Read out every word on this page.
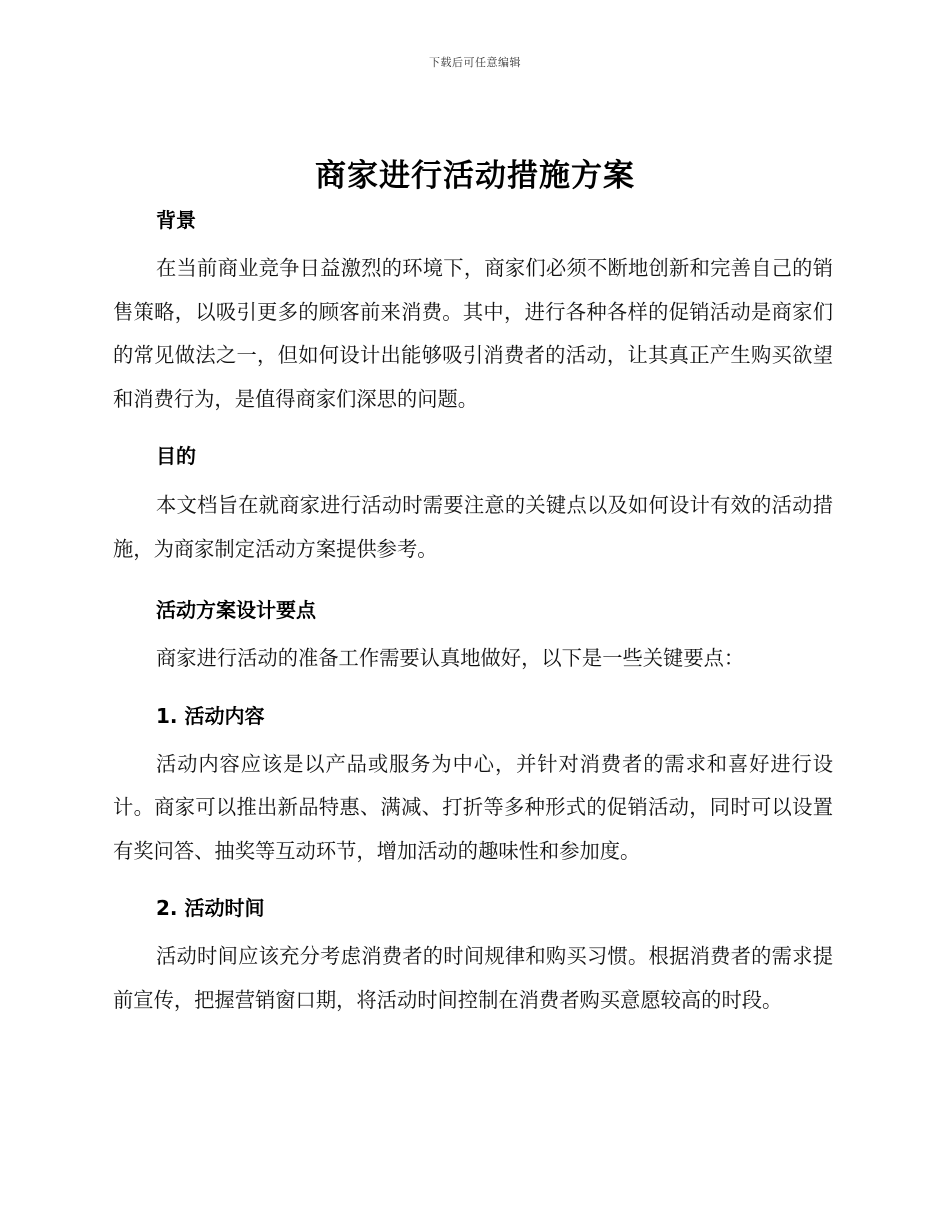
下载后可任意编辑
商家进行活动措施方案
背景

在当前商业竞争日益激烈的环境下，商家们必须不断地创新和完善自己的销售策略，以吸引更多的顾客前来消费。其中，进行各种各样的促销活动是商家们的常见做法之一，但如何设计出能够吸引消费者的活动，让其真正产生购买欲望和消费行为，是值得商家们深思的问题。

目的

本文档旨在就商家进行活动时需要注意的关键点以及如何设计有效的活动措施，为商家制定活动方案提供参考。

活动方案设计要点

商家进行活动的准备工作需要认真地做好，以下是一些关键要点：

1. 活动内容

活动内容应该是以产品或服务为中心，并针对消费者的需求和喜好进行设计。商家可以推出新品特惠、满减、打折等多种形式的促销活动，同时可以设置有奖问答、抽奖等互动环节，增加活动的趣味性和参加度。

2. 活动时间

活动时间应该充分考虑消费者的时间规律和购买习惯。根据消费者的需求提前宣传，把握营销窗口期，将活动时间控制在消费者购买意愿较高的时段。
